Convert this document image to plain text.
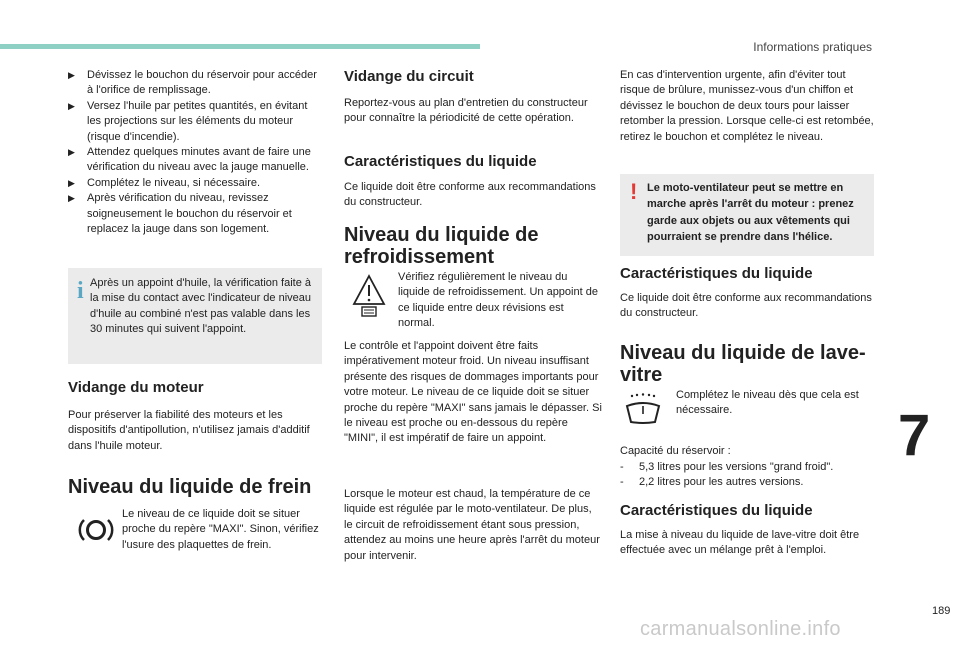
Informations pratiques
▶ Dévissez le bouchon du réservoir pour accéder à l'orifice de remplissage.
▶ Versez l'huile par petites quantités, en évitant les projections sur les éléments du moteur (risque d'incendie).
▶ Attendez quelques minutes avant de faire une vérification du niveau avec la jauge manuelle.
▶ Complétez le niveau, si nécessaire.
▶ Après vérification du niveau, revissez soigneusement le bouchon du réservoir et replacez la jauge dans son logement.
i Après un appoint d'huile, la vérification faite à la mise du contact avec l'indicateur de niveau d'huile au combiné n'est pas valable dans les 30 minutes qui suivent l'appoint.

Vidange du moteur

Pour préserver la fiabilité des moteurs et les dispositifs d'antipollution, n'utilisez jamais d'additif dans l'huile moteur.

Niveau du liquide de frein

Le niveau de ce liquide doit se situer proche du repère "MAXI". Sinon, vérifiez l'usure des plaquettes de frein.

Vidange du circuit

Reportez-vous au plan d'entretien du constructeur pour connaître la périodicité de cette opération.

Caractéristiques du liquide

Ce liquide doit être conforme aux recommandations du constructeur.

Niveau du liquide de
refroidissement

Vérifiez régulièrement le niveau du liquide de refroidissement. Un appoint de ce liquide entre deux révisions est normal.

Le contrôle et l'appoint doivent être faits impérativement moteur froid. Un niveau insuffisant présente des risques de dommages importants pour votre moteur. Le niveau de ce liquide doit se situer proche du repère "MAXI" sans jamais le dépasser. Si le niveau est proche ou en-dessous du repère "MINI", il est impératif de faire un appoint.

Lorsque le moteur est chaud, la température de ce liquide est régulée par le moto-ventilateur. De plus, le circuit de refroidissement étant sous pression, attendez au moins une heure après l'arrêt du moteur pour intervenir.

En cas d'intervention urgente, afin d'éviter tout risque de brûlure, munissez-vous d'un chiffon et dévissez le bouchon de deux tours pour laisser retomber la pression. Lorsque celle-ci est retombée, retirez le bouchon et complétez le niveau.

! Le moto-ventilateur peut se mettre en marche après l'arrêt du moteur : prenez garde aux objets ou aux vêtements qui pourraient se prendre dans l'hélice.

Caractéristiques du liquide

Ce liquide doit être conforme aux recommandations du constructeur.

Niveau du liquide de lave-
vitre

Complétez le niveau dès que cela est nécessaire.

Capacité du réservoir :

- 5,3 litres pour les versions "grand froid".
- 2,2 litres pour les autres versions.
Caractéristiques du liquide

La mise à niveau du liquide de lave-vitre doit être effectuée avec un mélange prêt à l'emploi.

7
189
carmanualsonline.info
